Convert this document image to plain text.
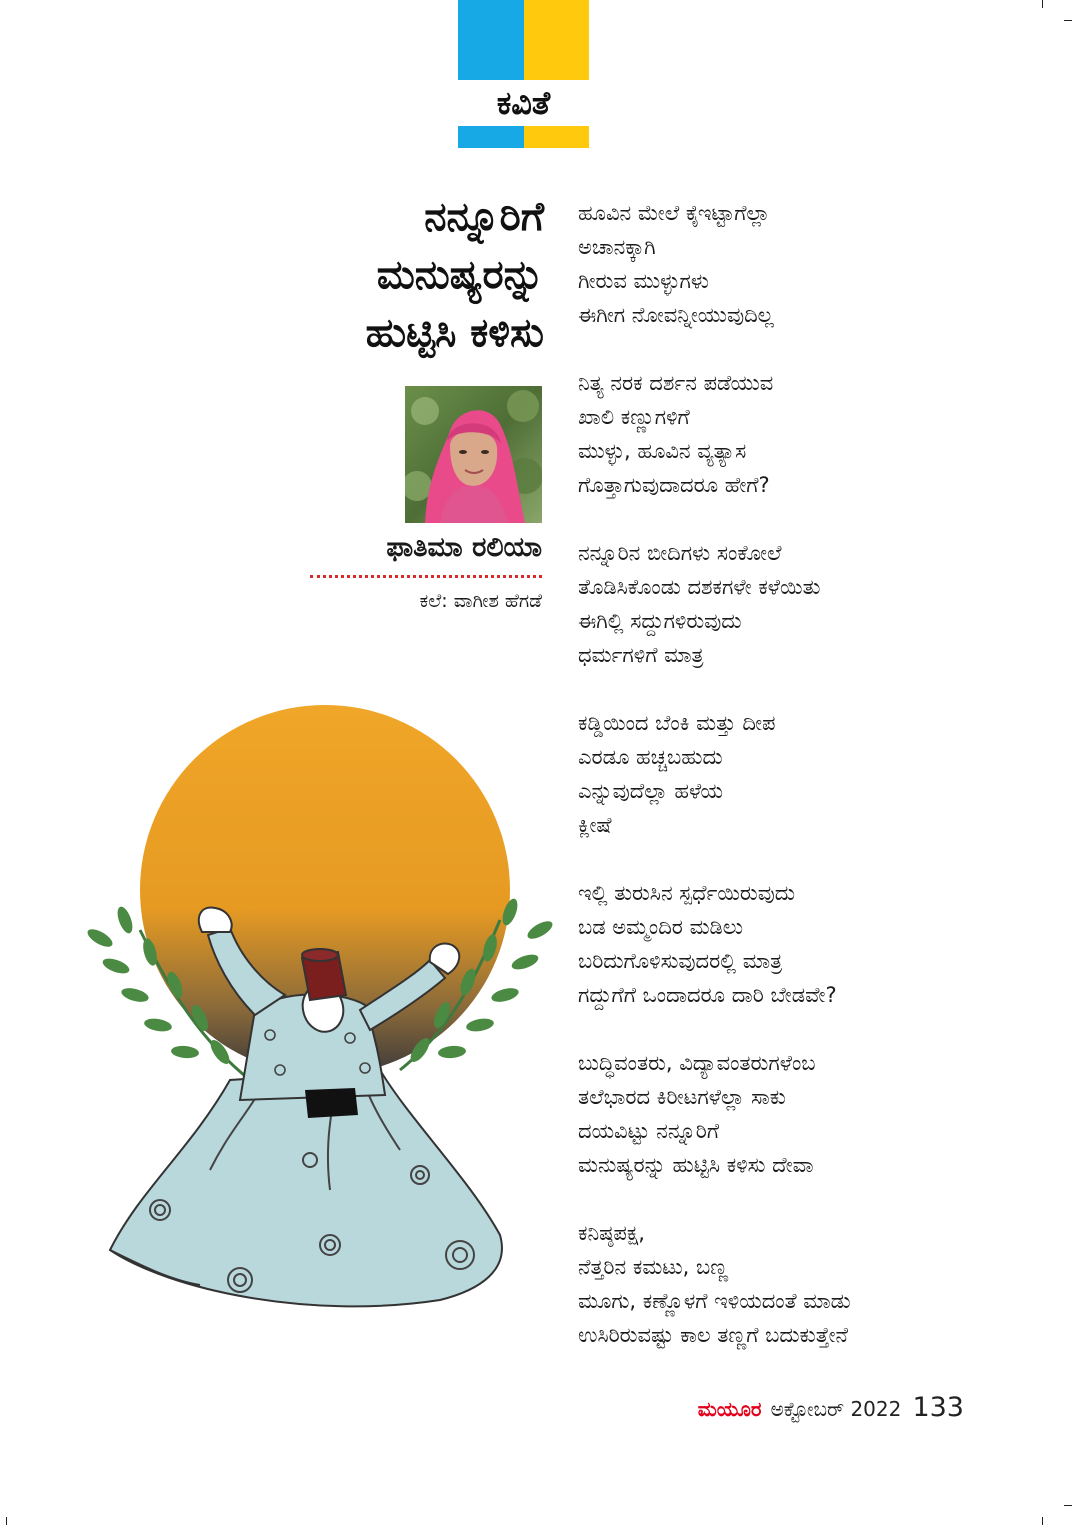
ಕವಿತೆ
ನನ್ನೂರಿಗೆ
ಮನುಷ್ಯರನ್ನು
ಹುಟ್ಟಿಸಿ ಕಳಿಸು
ಫಾತಿಮಾ ರಲಿಯಾ
ಕಲೆ: ವಾಗೀಶ ಹೆಗಡೆ
ಹೂವಿನ ಮೇಲೆ ಕೈಇಟ್ಟಾಗೆಲ್ಲಾ
ಅಚಾನಕ್ಕಾಗಿ
ಗೀರುವ ಮುಳ್ಳುಗಳು
ಈಗೀಗ ನೋವನ್ನೀಯುವುದಿಲ್ಲ
ನಿತ್ಯ ನರಕ ದರ್ಶನ ಪಡೆಯುವ
ಖಾಲಿ ಕಣ್ಣುಗಳಿಗೆ
ಮುಳ್ಳು, ಹೂವಿನ ವ್ಯತ್ಯಾಸ
ಗೊತ್ತಾಗುವುದಾದರೂ ಹೇಗೆ?
ನನ್ನೂರಿನ ಬೀದಿಗಳು ಸಂಕೋಲೆ
ತೊಡಿಸಿಕೊಂಡು ದಶಕಗಳೇ ಕಳೆಯಿತು
ಈಗಿಲ್ಲಿ ಸದ್ದುಗಳಿರುವುದು
ಧರ್ಮಗಳಿಗೆ ಮಾತ್ರ
ಕಡ್ಡಿಯಿಂದ ಬೆಂಕಿ ಮತ್ತು ದೀಪ
ಎರಡೂ ಹಚ್ಚಬಹುದು
ಎನ್ನುವುದೆಲ್ಲಾ ಹಳೆಯ
ಕ್ಲೀಷೆ
ಇಲ್ಲಿ ತುರುಸಿನ ಸ್ಪರ್ಧೆಯಿರುವುದು
ಬಡ ಅಮ್ಮಂದಿರ ಮಡಿಲು
ಬರಿದುಗೊಳಿಸುವುದರಲ್ಲಿ ಮಾತ್ರ
ಗದ್ದುಗೆಗೆ ಒಂದಾದರೂ ದಾರಿ ಬೇಡವೇ?
ಬುದ್ಧಿವಂತರು, ವಿದ್ಯಾವಂತರುಗಳೆಂಬ
ತಲೆಭಾರದ ಕಿರೀಟಗಳೆಲ್ಲಾ ಸಾಕು
ದಯವಿಟ್ಟು ನನ್ನೂರಿಗೆ
ಮನುಷ್ಯರನ್ನು ಹುಟ್ಟಿಸಿ ಕಳಿಸು ದೇವಾ
ಕನಿಷ್ಠಪಕ್ಷ,
ನೆತ್ತರಿನ ಕಮಟು, ಬಣ್ಣ
ಮೂಗು, ಕಣ್ಣೊಳಗೆ ಇಳಿಯದಂತೆ ಮಾಡು
ಉಸಿರಿರುವಷ್ಟು ಕಾಲ ತಣ್ಣಗೆ ಬದುಕುತ್ತೇನೆ
ಮಯೂರ ಅಕ್ಟೋಬರ್ 2022 133
